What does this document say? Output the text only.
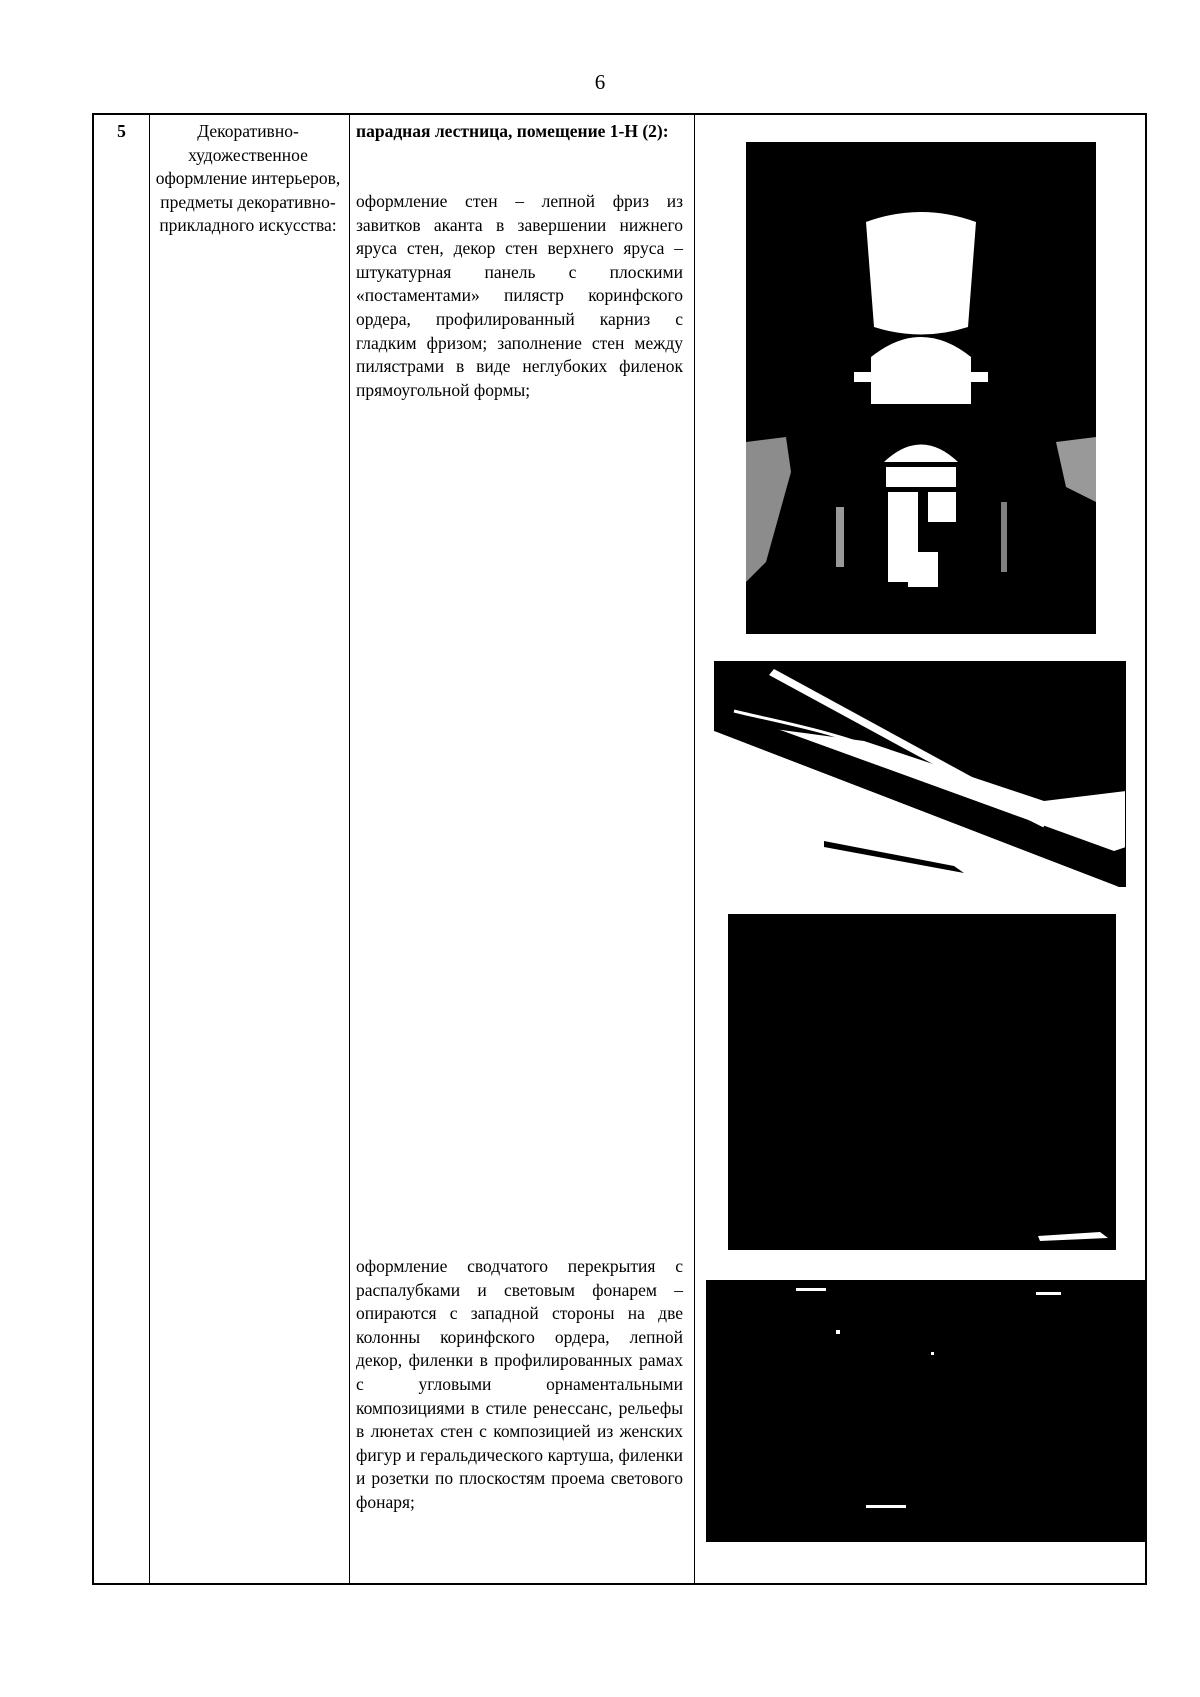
6
5	Декоративно-художественное оформление интерьеров, предметы декоративно-прикладного искусства:
парадная лестница, помещение 1-Н (2):
оформление стен – лепной фриз из завитков аканта в завершении нижнего яруса стен, декор стен верхнего яруса – штукатурная панель с плоскими «постаментами» пилястр коринфского ордера, профилированный карниз с гладким фризом; заполнение стен между пилястрами в виде неглубоких филенок прямоугольной формы;
оформление сводчатого перекрытия с распалубками и световым фонарем – опираются с западной стороны на две колонны коринфского ордера, лепной декор, филенки в профилированных рамах с угловыми орнаментальными композициями в стиле ренессанс, рельефы в люнетах стен с композицией из женских фигур и геральдического картуша, филенки и розетки по плоскостям проема светового фонаря;
